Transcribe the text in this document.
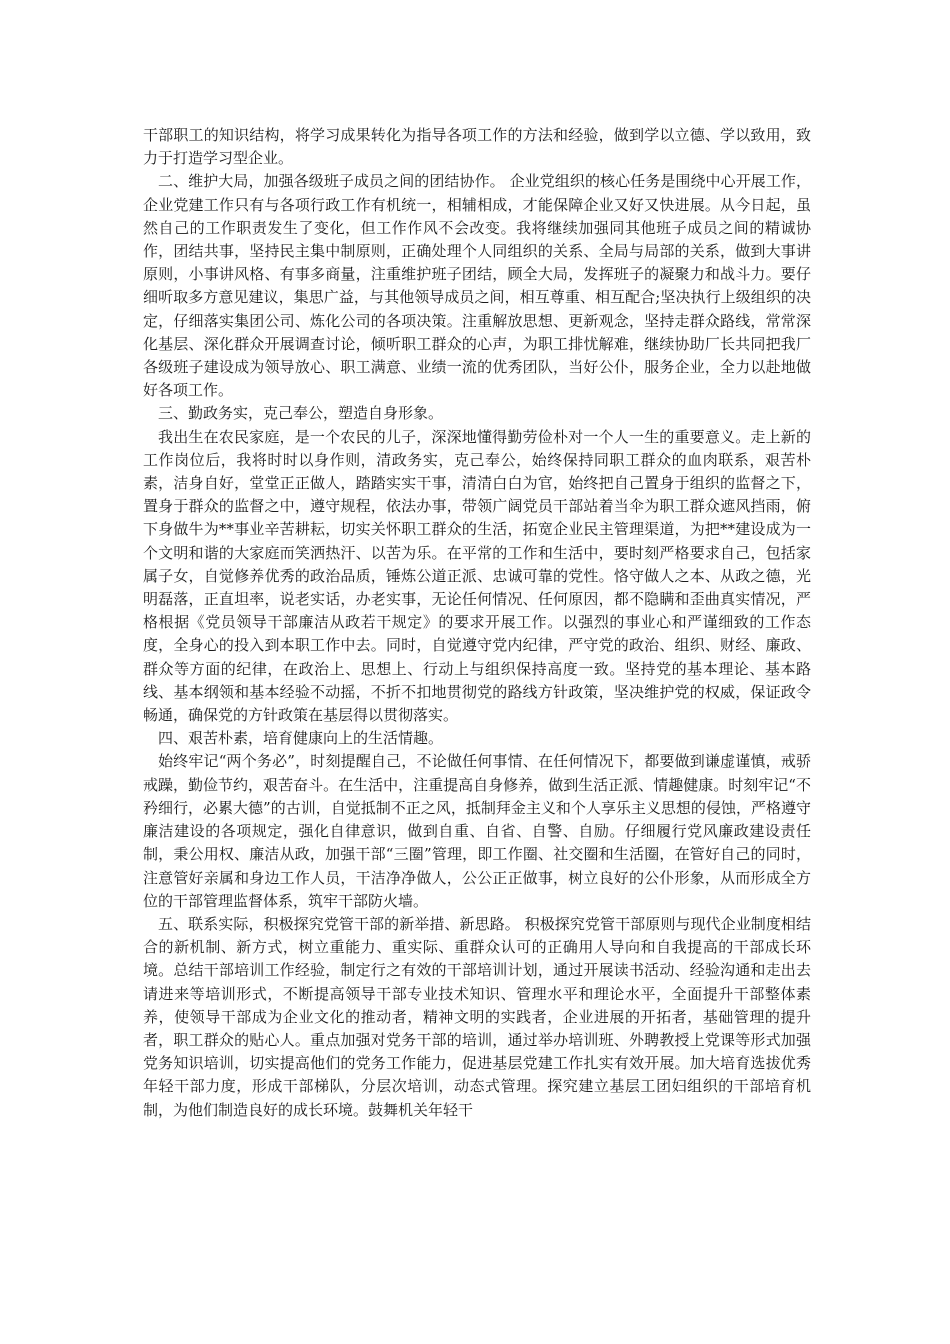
干部职工的知识结构，将学习成果转化为指导各项工作的方法和经验，做到学以立德、学以致用，致力于打造学习型企业。

二、维护大局，加强各级班子成员之间的团结协作。 企业党组织的核心任务是围绕中心开展工作，企业党建工作只有与各项行政工作有机统一，相辅相成，才能保障企业又好又快进展。从今日起，虽然自己的工作职责发生了变化，但工作作风不会改变。我将继续加强同其他班子成员之间的精诚协作，团结共事，坚持民主集中制原则，正确处理个人同组织的关系、全局与局部的关系，做到大事讲原则，小事讲风格、有事多商量，注重维护班子团结，顾全大局，发挥班子的凝聚力和战斗力。要仔细听取多方意见建议，集思广益，与其他领导成员之间，相互尊重、相互配合;坚决执行上级组织的决定，仔细落实集团公司、炼化公司的各项决策。注重解放思想、更新观念，坚持走群众路线，常常深化基层、深化群众开展调查讨论，倾听职工群众的心声，为职工排忧解难，继续协助厂长共同把我厂各级班子建设成为领导放心、职工满意、业绩一流的优秀团队，当好公仆，服务企业，全力以赴地做好各项工作。

三、勤政务实，克己奉公，塑造自身形象。

我出生在农民家庭，是一个农民的儿子，深深地懂得勤劳俭朴对一个人一生的重要意义。走上新的工作岗位后，我将时时以身作则，清政务实，克己奉公，始终保持同职工群众的血肉联系，艰苦朴素，洁身自好，堂堂正正做人，踏踏实实干事，清清白白为官，始终把自己置身于组织的监督之下，置身于群众的监督之中，遵守规程，依法办事，带领广阔党员干部站着当伞为职工群众遮风挡雨，俯下身做牛为**事业辛苦耕耘，切实关怀职工群众的生活，拓宽企业民主管理渠道，为把**建设成为一个文明和谐的大家庭而笑洒热汗、以苦为乐。在平常的工作和生活中，要时刻严格要求自己，包括家属子女，自觉修养优秀的政治品质，锤炼公道正派、忠诚可靠的党性。恪守做人之本、从政之德，光明磊落，正直坦率，说老实话，办老实事，无论任何情况、任何原因，都不隐瞒和歪曲真实情况，严格根据《党员领导干部廉洁从政若干规定》的要求开展工作。以强烈的事业心和严谨细致的工作态度，全身心的投入到本职工作中去。同时，自觉遵守党内纪律，严守党的政治、组织、财经、廉政、群众等方面的纪律，在政治上、思想上、行动上与组织保持高度一致。坚持党的基本理论、基本路线、基本纲领和基本经验不动摇，不折不扣地贯彻党的路线方针政策，坚决维护党的权威，保证政令畅通，确保党的方针政策在基层得以贯彻落实。

四、艰苦朴素，培育健康向上的生活情趣。

始终牢记“两个务必”，时刻提醒自己，不论做任何事情、在任何情况下，都要做到谦虚谨慎，戒骄戒躁，勤俭节约，艰苦奋斗。在生活中，注重提高自身修养，做到生活正派、情趣健康。时刻牢记“不矜细行，必累大德”的古训，自觉抵制不正之风，抵制拜金主义和个人享乐主义思想的侵蚀，严格遵守廉洁建设的各项规定，强化自律意识，做到自重、自省、自警、自励。仔细履行党风廉政建设责任制，秉公用权、廉洁从政，加强干部“三圈”管理，即工作圈、社交圈和生活圈，在管好自己的同时，注意管好亲属和身边工作人员，干洁净净做人，公公正正做事，树立良好的公仆形象，从而形成全方位的干部管理监督体系，筑牢干部防火墙。

五、联系实际，积极探究党管干部的新举措、新思路。 积极探究党管干部原则与现代企业制度相结合的新机制、新方式，树立重能力、重实际、重群众认可的正确用人导向和自我提高的干部成长环境。总结干部培训工作经验，制定行之有效的干部培训计划，通过开展读书活动、经验沟通和走出去请进来等培训形式，不断提高领导干部专业技术知识、管理水平和理论水平，全面提升干部整体素养，使领导干部成为企业文化的推动者，精神文明的实践者，企业进展的开拓者，基础管理的提升者，职工群众的贴心人。重点加强对党务干部的培训，通过举办培训班、外聘教授上党课等形式加强党务知识培训，切实提高他们的党务工作能力，促进基层党建工作扎实有效开展。加大培育选拔优秀年轻干部力度，形成干部梯队，分层次培训，动态式管理。探究建立基层工团妇组织的干部培育机制，为他们制造良好的成长环境。鼓舞机关年轻干
